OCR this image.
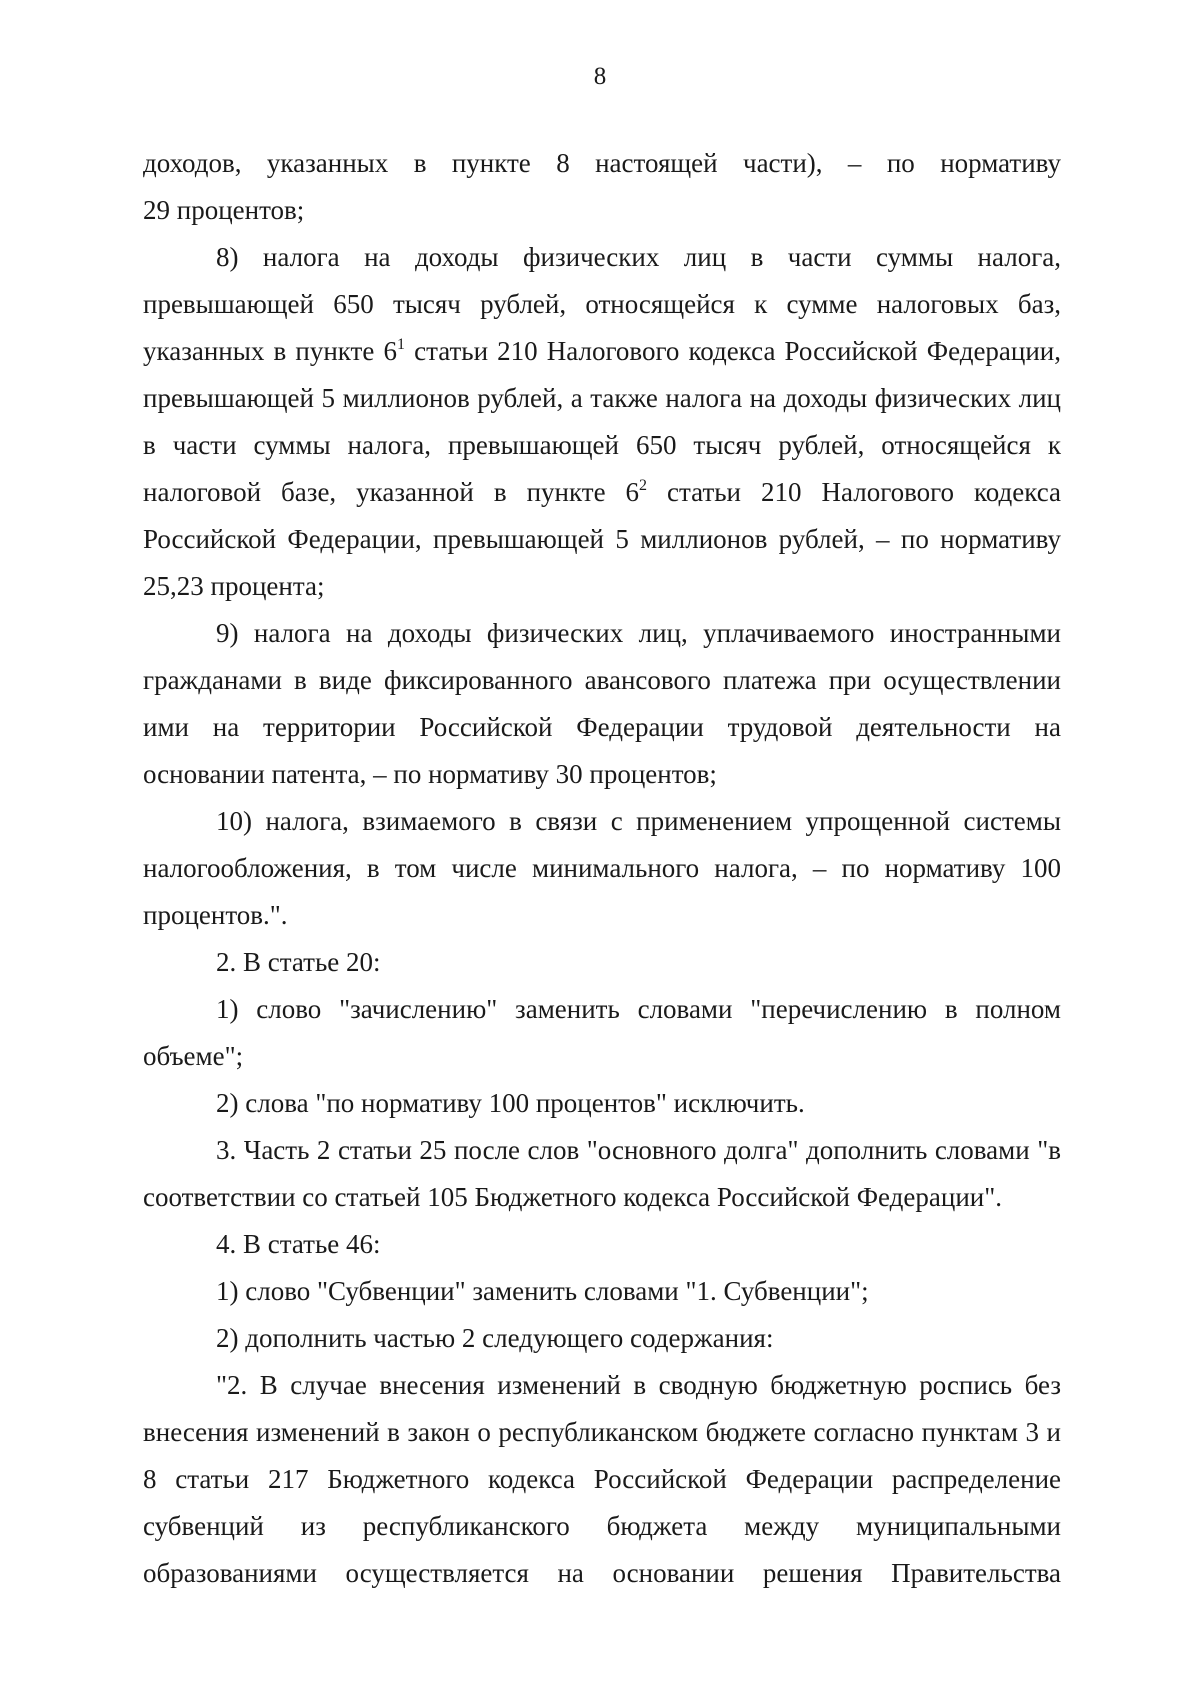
8

доходов, указанных в пункте 8 настоящей части), – по нормативу

29 процентов;

8) налога на доходы физических лиц в части суммы налога, превышающей 650 тысяч рублей, относящейся к сумме налоговых баз, указанных в пункте $6^1$ статьи 210 Налогового кодекса Российской Федерации, превышающей 5 миллионов рублей, а также налога на доходы физических лиц в части суммы налога, превышающей 650 тысяч рублей, относящейся к налоговой базе, указанной в пункте $6^2$ статьи 210 Налогового кодекса Российской Федерации, превышающей 5 миллионов рублей, – по нормативу 25,23 процента;

9) налога на доходы физических лиц, уплачиваемого иностранными гражданами в виде фиксированного авансового платежа при осуществлении ими на территории Российской Федерации трудовой деятельности на основании патента, – по нормативу 30 процентов;

10) налога, взимаемого в связи с применением упрощенной системы налогообложения, в том числе минимального налога, – по нормативу 100 процентов.".

2. В статье 20:

1) слово "зачислению" заменить словами "перечислению в полном объеме";

2) слова "по нормативу 100 процентов" исключить.

3. Часть 2 статьи 25 после слов "основного долга" дополнить словами "в соответствии со статьей 105 Бюджетного кодекса Российской Федерации".

4. В статье 46:

1) слово "Субвенции" заменить словами "1. Субвенции";

2) дополнить частью 2 следующего содержания:

"2. В случае внесения изменений в сводную бюджетную роспись без внесения изменений в закон о республиканском бюджете согласно пунктам 3 и 8 статьи 217 Бюджетного кодекса Российской Федерации распределение субвенций из республиканского бюджета между муниципальными образованиями осуществляется на основании решения Правительства
